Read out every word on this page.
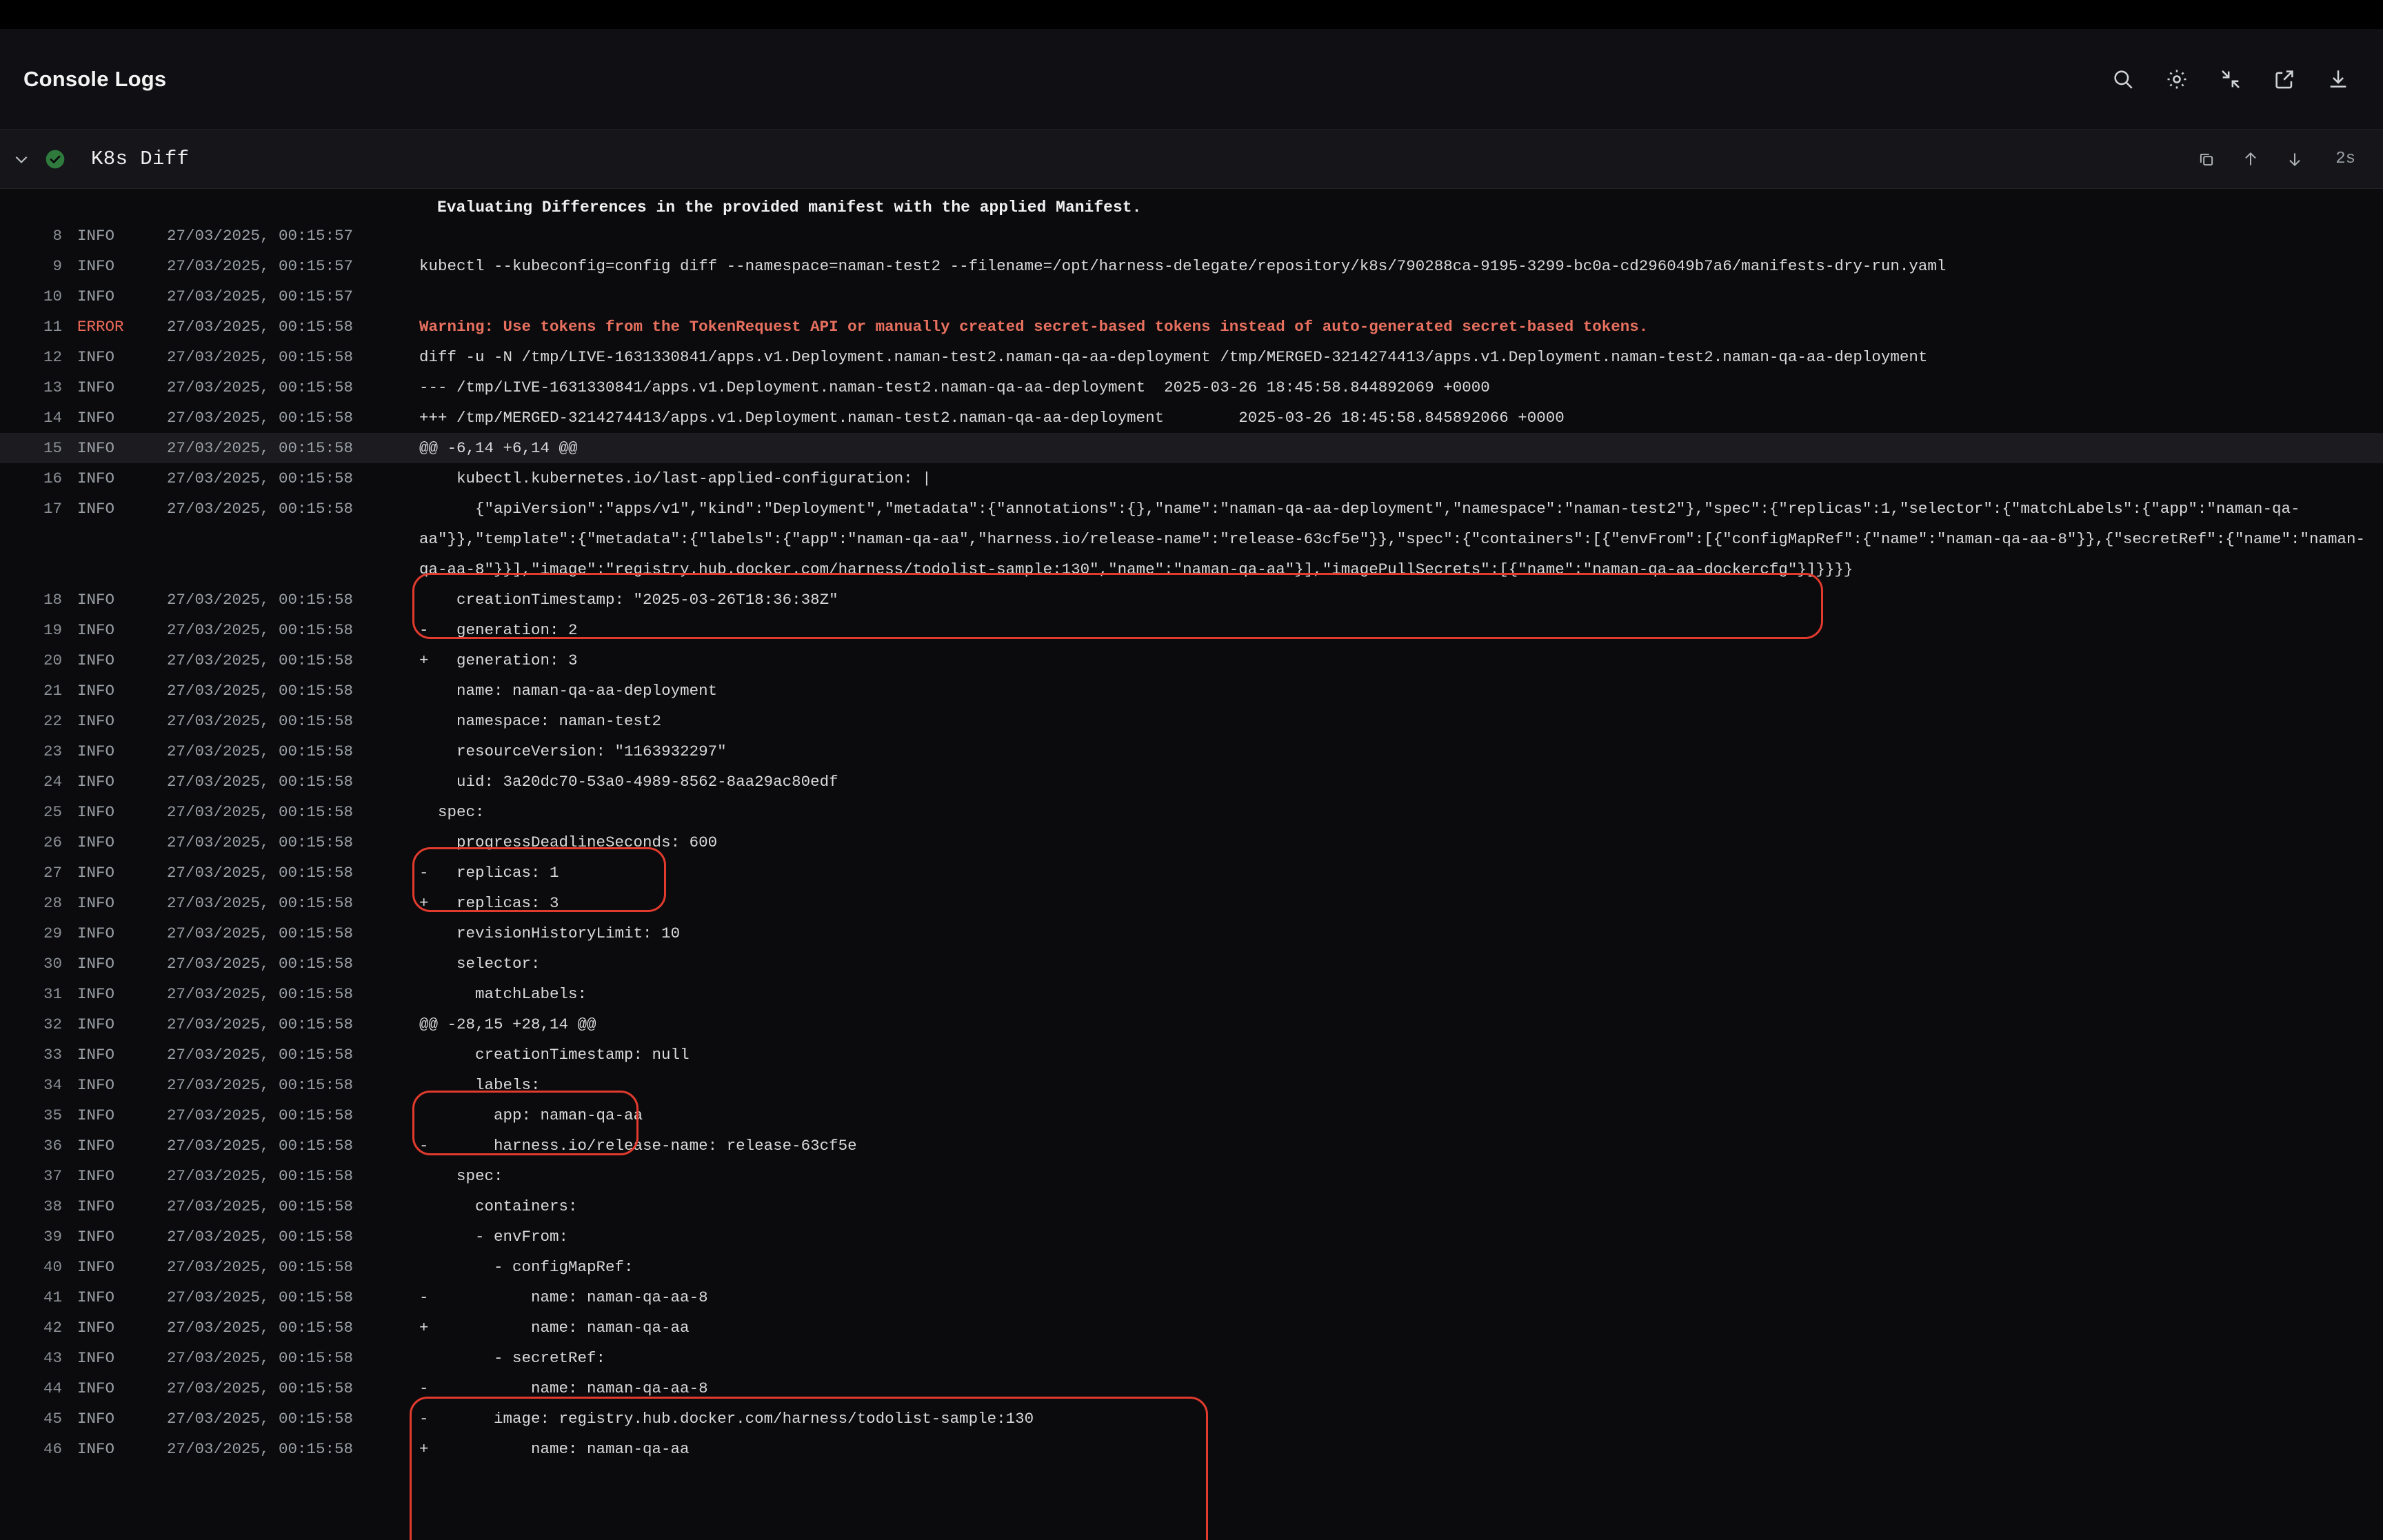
Console Logs
K8s Diff	2s
Evaluating Differences in the provided manifest with the applied Manifest.
8 INFO	27/03/2025, 00:15:57
9 INFO	27/03/2025, 00:15:57	kubectl --kubeconfig=config diff --namespace=naman-test2 --filename=/opt/harness-delegate/repository/k8s/790288ca-9195-3299-bc0a-cd296049b7a6/manifests-dry-run.yaml
10 INFO	27/03/2025, 00:15:57
11 ERROR	27/03/2025, 00:15:58	Warning: Use tokens from the TokenRequest API or manually created secret-based tokens instead of auto-generated secret-based tokens.
12 INFO	27/03/2025, 00:15:58	diff -u -N /tmp/LIVE-1631330841/apps.v1.Deployment.naman-test2.naman-qa-aa-deployment /tmp/MERGED-3214274413/apps.v1.Deployment.naman-test2.naman-qa-aa-deployment
13 INFO	27/03/2025, 00:15:58	--- /tmp/LIVE-1631330841/apps.v1.Deployment.naman-test2.naman-qa-aa-deployment  2025-03-26 18:45:58.844892069 +0000
14 INFO	27/03/2025, 00:15:58	+++ /tmp/MERGED-3214274413/apps.v1.Deployment.naman-test2.naman-qa-aa-deployment        2025-03-26 18:45:58.845892066 +0000
15 INFO	27/03/2025, 00:15:58	@@ -6,14 +6,14 @@
16 INFO	27/03/2025, 00:15:58	kubectl.kubernetes.io/last-applied-configuration: |
17 INFO	27/03/2025, 00:15:58	{"apiVersion":"apps/v1","kind":"Deployment","metadata":{"annotations":{},"name":"naman-qa-aa-deployment","namespace":"naman-test2"},"spec":{"replicas":1,"selector":{"matchLabels":{"app":"naman-qa-aa"}},"template":{"metadata":{"labels":{"app":"naman-qa-aa","harness.io/release-name":"release-63cf5e"}},"spec":{"containers":[{"envFrom":[{"configMapRef":{"name":"naman-qa-aa-8"}},{"secretRef":{"name":"naman-qa-aa-8"}}],"image":"registry.hub.docker.com/harness/todolist-sample:130","name":"naman-qa-aa"}],"imagePullSecrets":[{"name":"naman-qa-aa-dockercfg"}]}}}}
18 INFO	27/03/2025, 00:15:58	creationTimestamp: "2025-03-26T18:36:38Z"
19 INFO	27/03/2025, 00:15:58	-   generation: 2
20 INFO	27/03/2025, 00:15:58	+   generation: 3
21 INFO	27/03/2025, 00:15:58	name: naman-qa-aa-deployment
22 INFO	27/03/2025, 00:15:58	namespace: naman-test2
23 INFO	27/03/2025, 00:15:58	resourceVersion: "1163932297"
24 INFO	27/03/2025, 00:15:58	uid: 3a20dc70-53a0-4989-8562-8aa29ac80edf
25 INFO	27/03/2025, 00:15:58	spec:
26 INFO	27/03/2025, 00:15:58	progressDeadlineSeconds: 600
27 INFO	27/03/2025, 00:15:58	-   replicas: 1
28 INFO	27/03/2025, 00:15:58	+   replicas: 3
29 INFO	27/03/2025, 00:15:58	revisionHistoryLimit: 10
30 INFO	27/03/2025, 00:15:58	selector:
31 INFO	27/03/2025, 00:15:58	matchLabels:
32 INFO	27/03/2025, 00:15:58	@@ -28,15 +28,14 @@
33 INFO	27/03/2025, 00:15:58	creationTimestamp: null
34 INFO	27/03/2025, 00:15:58	labels:
35 INFO	27/03/2025, 00:15:58	app: naman-qa-aa
36 INFO	27/03/2025, 00:15:58	-       harness.io/release-name: release-63cf5e
37 INFO	27/03/2025, 00:15:58	spec:
38 INFO	27/03/2025, 00:15:58	containers:
39 INFO	27/03/2025, 00:15:58	- envFrom:
40 INFO	27/03/2025, 00:15:58	- configMapRef:
41 INFO	27/03/2025, 00:15:58	-           name: naman-qa-aa-8
42 INFO	27/03/2025, 00:15:58	+           name: naman-qa-aa
43 INFO	27/03/2025, 00:15:58	- secretRef:
44 INFO	27/03/2025, 00:15:58	-           name: naman-qa-aa-8
45 INFO	27/03/2025, 00:15:58	-       image: registry.hub.docker.com/harness/todolist-sample:130
46 INFO	27/03/2025, 00:15:58	+           name: naman-qa-aa
